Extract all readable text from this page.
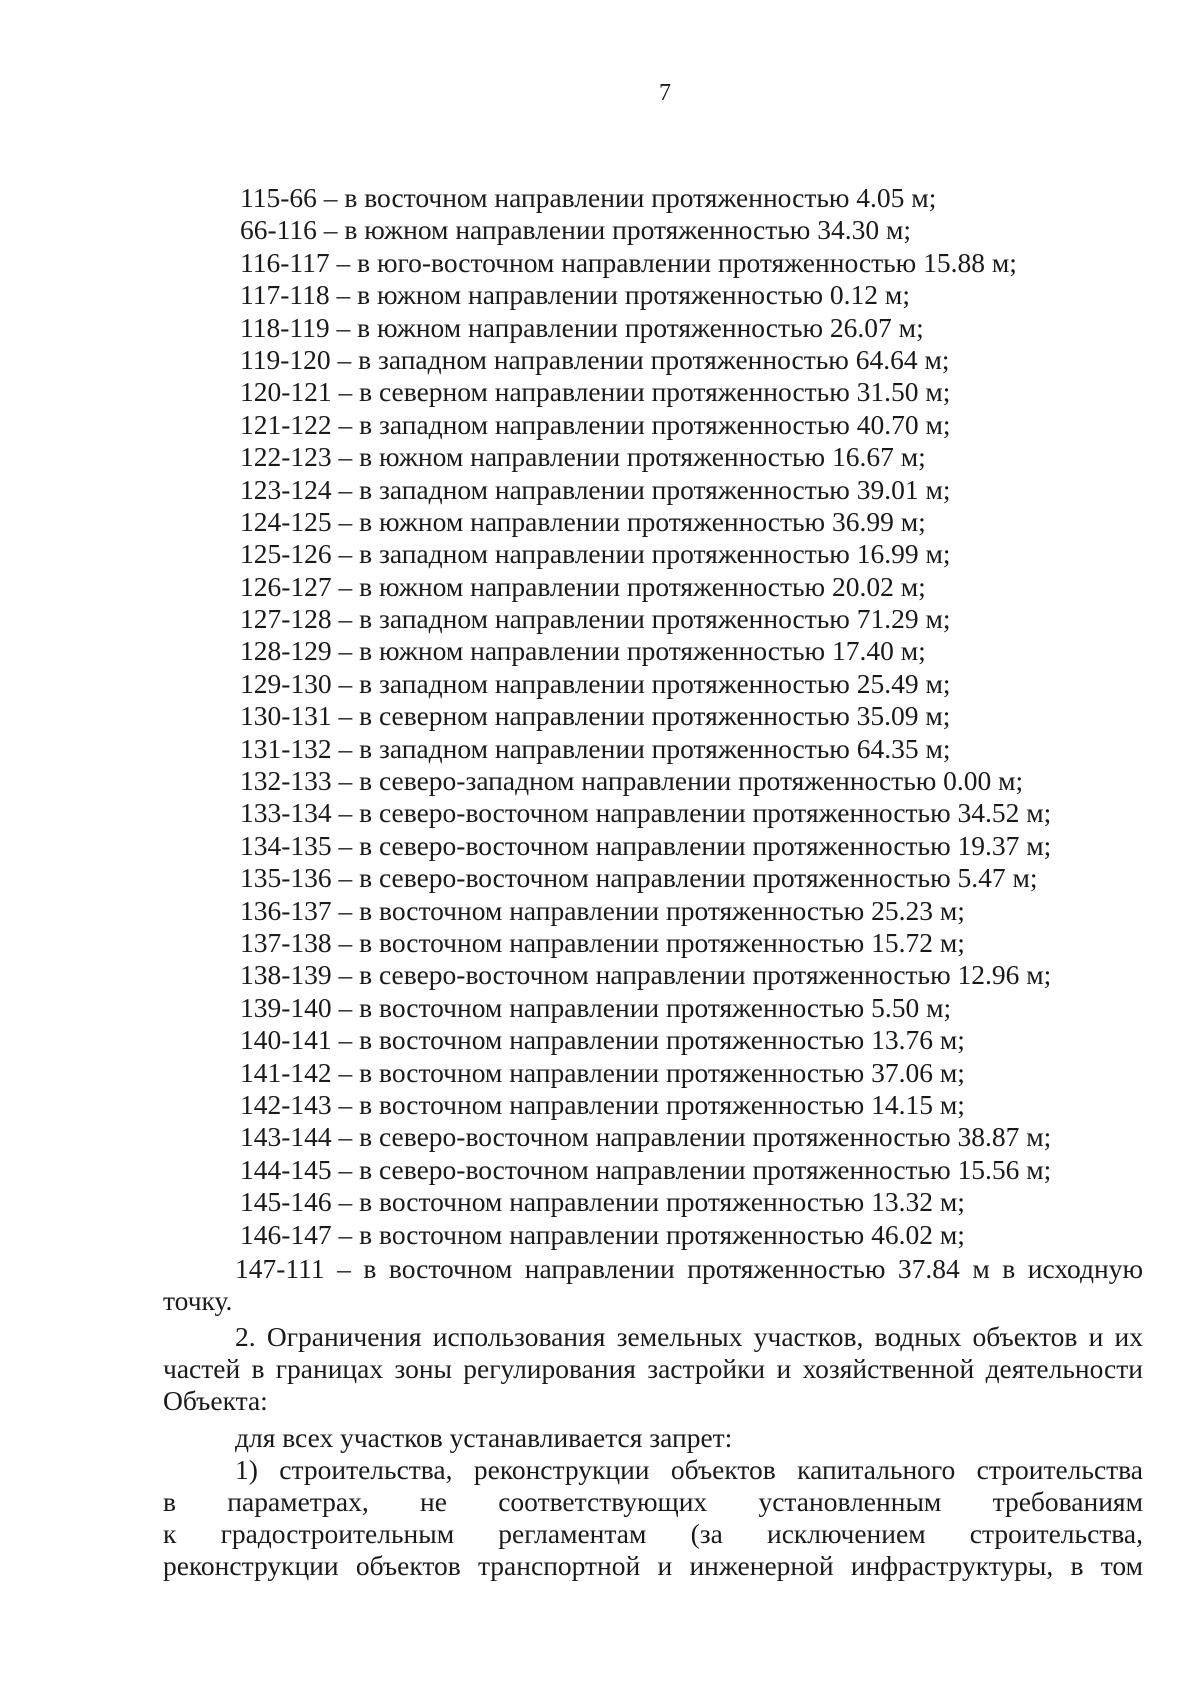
7
115-66 – в восточном направлении протяженностью 4.05 м;
66-116 – в южном направлении протяженностью 34.30 м;
116-117 – в юго-восточном направлении протяженностью 15.88 м;
117-118 – в южном направлении протяженностью 0.12 м;
118-119 – в южном направлении протяженностью 26.07 м;
119-120 – в западном направлении протяженностью 64.64 м;
120-121 – в северном направлении протяженностью 31.50 м;
121-122 – в западном направлении протяженностью 40.70 м;
122-123 – в южном направлении протяженностью 16.67 м;
123-124 – в западном направлении протяженностью 39.01 м;
124-125 – в южном направлении протяженностью 36.99 м;
125-126 – в западном направлении протяженностью 16.99 м;
126-127 – в южном направлении протяженностью 20.02 м;
127-128 – в западном направлении протяженностью 71.29 м;
128-129 – в южном направлении протяженностью 17.40 м;
129-130 – в западном направлении протяженностью 25.49 м;
130-131 – в северном направлении протяженностью 35.09 м;
131-132 – в западном направлении протяженностью 64.35 м;
132-133 – в северо-западном направлении протяженностью 0.00 м;
133-134 – в северо-восточном направлении протяженностью 34.52 м;
134-135 – в северо-восточном направлении протяженностью 19.37 м;
135-136 – в северо-восточном направлении протяженностью 5.47 м;
136-137 – в восточном направлении протяженностью 25.23 м;
137-138 – в восточном направлении протяженностью 15.72 м;
138-139 – в северо-восточном направлении протяженностью 12.96 м;
139-140 – в восточном направлении протяженностью 5.50 м;
140-141 – в восточном направлении протяженностью 13.76 м;
141-142 – в восточном направлении протяженностью 37.06 м;
142-143 – в восточном направлении протяженностью 14.15 м;
143-144 – в северо-восточном направлении протяженностью 38.87 м;
144-145 – в северо-восточном направлении протяженностью 15.56 м;
145-146 – в восточном направлении протяженностью 13.32 м;
146-147 – в восточном направлении протяженностью 46.02 м;
147-111 – в восточном направлении протяженностью 37.84 м в исходную точку.
2. Ограничения использования земельных участков, водных объектов и их частей в границах зоны регулирования застройки и хозяйственной деятельности Объекта:
для всех участков устанавливается запрет:
1) строительства, реконструкции объектов капитального строительства
в параметрах, не соответствующих установленным требованиям
к градостроительным регламентам (за исключением строительства,
реконструкции объектов транспортной и инженерной инфраструктуры, в том
